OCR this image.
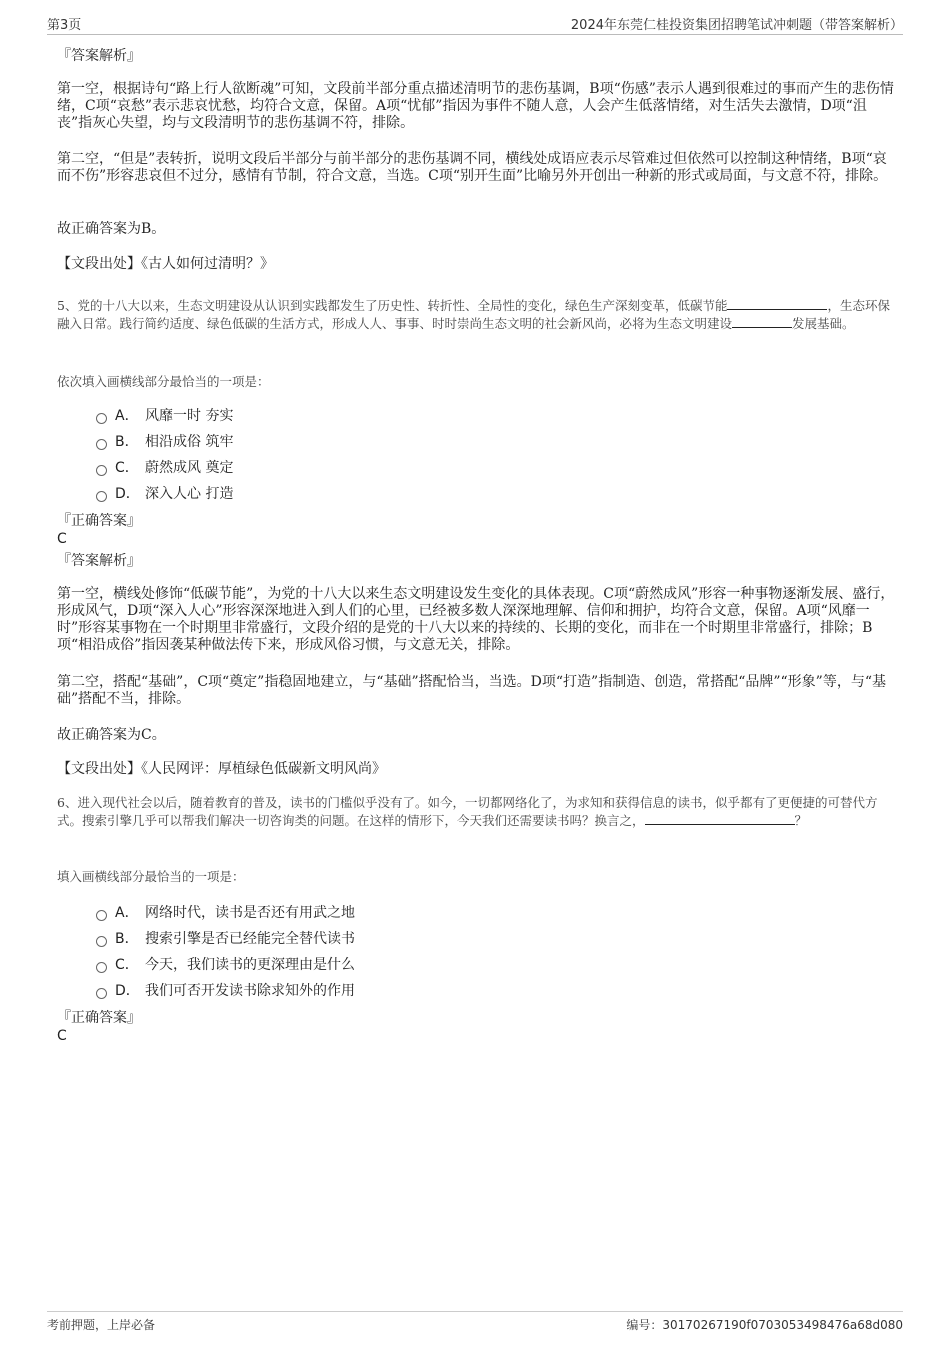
第3页	2024年东莞仁桂投资集团招聘笔试冲刺题（带答案解析）
『答案解析』
第一空，根据诗句“路上行人欲断魂”可知，文段前半部分重点描述清明节的悲伤基调，B项“伤感”表示人遇到很难过的事而产生的悲伤情绪，C项“哀愁”表示悲哀忧愁，均符合文意，保留。A项“忧郁”指因为事件不随人意，人会产生低落情绪，对生活失去激情，D项“沮丧”指灰心失望，均与文段清明节的悲伤基调不符，排除。
第二空，“但是”表转折，说明文段后半部分与前半部分的悲伤基调不同，横线处成语应表示尽管难过但依然可以控制这种情绪，B项“哀而不伤”形容悲哀但不过分，感情有节制，符合文意，当选。C项“别开生面”比喻另外开创出一种新的形式或局面，与文意不符，排除。
故正确答案为B。
【文段出处】《古人如何过清明？》
5、党的十八大以来，生态文明建设从认识到实践都发生了历史性、转折性、全局性的变化，绿色生产深刻变革，低碳节能	，生态环保融入日常。践行简约适度、绿色低碳的生活方式，形成人人、事事、时时崇尚生态文明的社会新风尚，必将为生态文明建设	发展基础。
依次填入画横线部分最恰当的一项是：
A． 风靡一时 夯实
B． 相沿成俗 筑牢
C． 蔚然成风 奠定
D． 深入人心 打造
『正确答案』
C
『答案解析』
第一空，横线处修饰“低碳节能”，为党的十八大以来生态文明建设发生变化的具体表现。C项“蔚然成风”形容一种事物逐渐发展、盛行，形成风气，D项“深入人心”形容深深地进入到人们的心里，已经被多数人深深地理解、信仰和拥护，均符合文意，保留。A项“风靡一时”形容某事物在一个时期里非常盛行，文段介绍的是党的十八大以来的持续的、长期的变化，而非在一个时期里非常盛行，排除；B项“相沿成俗”指因袭某种做法传下来，形成风俗习惯，与文意无关，排除。
第二空，搭配“基础”，C项“奠定”指稳固地建立，与“基础”搭配恰当，当选。D项“打造”指制造、创造，常搭配“品牌”“形象”等，与“基础”搭配不当，排除。
故正确答案为C。
【文段出处】《人民网评：厚植绿色低碳新文明风尚》
6、进入现代社会以后，随着教育的普及，读书的门槛似乎没有了。如今，一切都网络化了，为求知和获得信息的读书，似乎都有了更便捷的可替代方式。搜索引擎几乎可以帮我们解决一切咨询类的问题。在这样的情形下，今天我们还需要读书吗？换言之，	？
填入画横线部分最恰当的一项是：
A． 网络时代，读书是否还有用武之地
B． 搜索引擎是否已经能完全替代读书
C． 今天，我们读书的更深理由是什么
D． 我们可否开发读书除求知外的作用
『正确答案』
C
考前押题，上岸必备	编号：30170267190f0703053498476a68d080
